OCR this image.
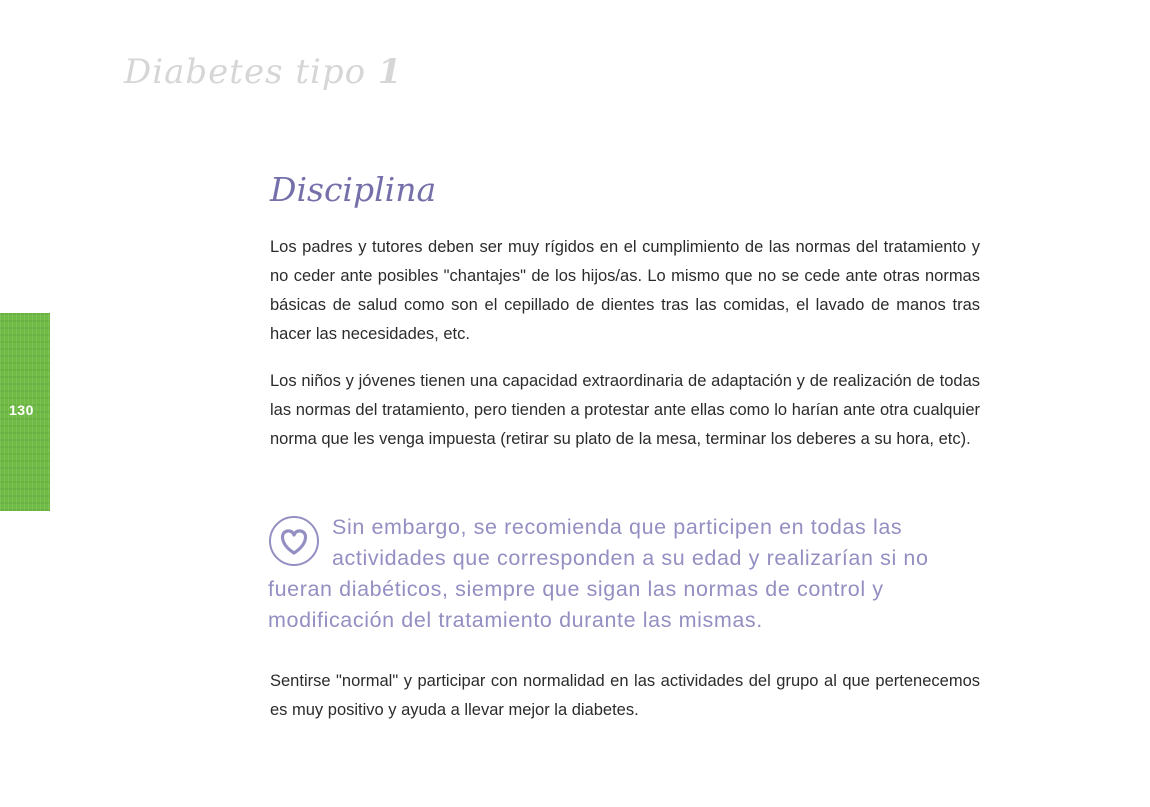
Diabetes tipo 1
130
Disciplina

Los padres y tutores deben ser muy rígidos en el cumplimiento de las normas del tratamiento y no ceder ante posibles "chantajes" de los hijos/as. Lo mismo que no se cede ante otras normas básicas de salud como son el cepillado de dientes tras las comidas, el lavado de manos tras hacer las necesidades, etc.

Los niños y jóvenes tienen una capacidad extraordinaria de adaptación y de realización de todas las normas del tratamiento, pero tienden a protestar ante ellas como lo harían ante otra cualquier norma que les venga impuesta (retirar su plato de la mesa, terminar los deberes a su hora, etc).

Sin embargo, se recomienda que participen en todas las actividades que corresponden a su edad y realizarían si no fueran diabéticos, siempre que sigan las normas de control y modificación del tratamiento durante las mismas.

Sentirse "normal" y participar con normalidad en las actividades del grupo al que pertenecemos es muy positivo y ayuda a llevar mejor la diabetes.
